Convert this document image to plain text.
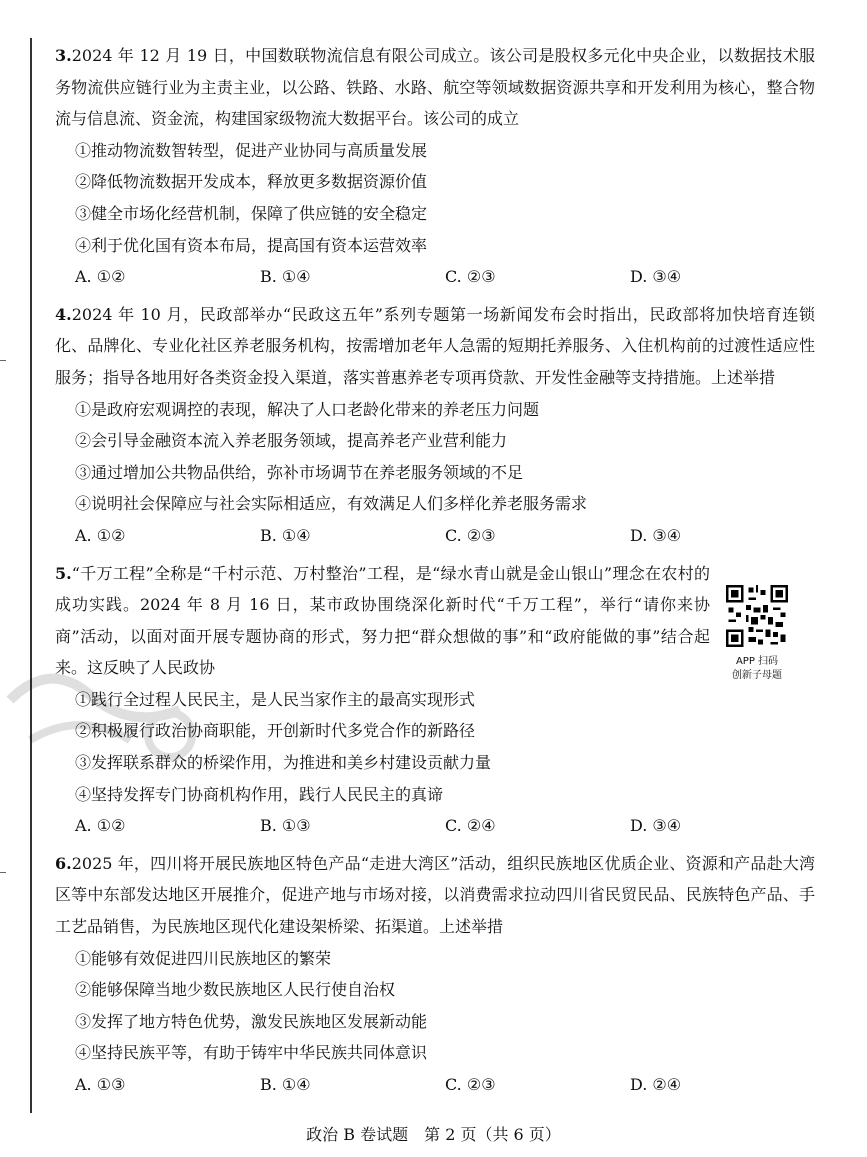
3.2024 年 12 月 19 日，中国数联物流信息有限公司成立。该公司是股权多元化中央企业，以数据技术服务物流供应链行业为主责主业，以公路、铁路、水路、航空等领域数据资源共享和开发利用为核心，整合物流与信息流、资金流，构建国家级物流大数据平台。该公司的成立

①推动物流数智转型，促进产业协同与高质量发展

②降低物流数据开发成本，释放更多数据资源价值

③健全市场化经营机制，保障了供应链的安全稳定

④利于优化国有资本布局，提高国有资本运营效率

A. ①②	B. ①④	C. ②③	D. ③④

4.2024 年 10 月，民政部举办“民政这五年”系列专题第一场新闻发布会时指出，民政部将加快培育连锁化、品牌化、专业化社区养老服务机构，按需增加老年人急需的短期托养服务、入住机构前的过渡性适应性服务；指导各地用好各类资金投入渠道，落实普惠养老专项再贷款、开发性金融等支持措施。上述举措

①是政府宏观调控的表现，解决了人口老龄化带来的养老压力问题

②会引导金融资本流入养老服务领域，提高养老产业营利能力

③通过增加公共物品供给，弥补市场调节在养老服务领域的不足

④说明社会保障应与社会实际相适应，有效满足人们多样化养老服务需求

A. ①②	B. ①④	C. ②③	D. ③④

5.“千万工程”全称是“千村示范、万村整治”工程，是“绿水青山就是金山银山”理念在农村的成功实践。2024 年 8 月 16 日，某市政协围绕深化新时代“千万工程”，举行“请你来协商”活动，以面对面开展专题协商的形式，努力把“群众想做的事”和“政府能做的事”结合起来。这反映了人民政协

①践行全过程人民民主，是人民当家作主的最高实现形式

②积极履行政治协商职能，开创新时代多党合作的新路径

③发挥联系群众的桥梁作用，为推进和美乡村建设贡献力量

④坚持发挥专门协商机构作用，践行人民民主的真谛

A. ①②	B. ①③	C. ②④	D. ③④

6.2025 年，四川将开展民族地区特色产品“走进大湾区”活动，组织民族地区优质企业、资源和产品赴大湾区等中东部发达地区开展推介，促进产地与市场对接，以消费需求拉动四川省民贸民品、民族特色产品、手工艺品销售，为民族地区现代化建设架桥梁、拓渠道。上述举措

①能够有效促进四川民族地区的繁荣

②能够保障当地少数民族地区人民行使自治权

③发挥了地方特色优势，激发民族地区发展新动能

④坚持民族平等，有助于铸牢中华民族共同体意识

A. ①③	B. ①④	C. ②③	D. ②④
APP 扫码
创新子母题
政治 B 卷试题　第 2 页（共 6 页）
